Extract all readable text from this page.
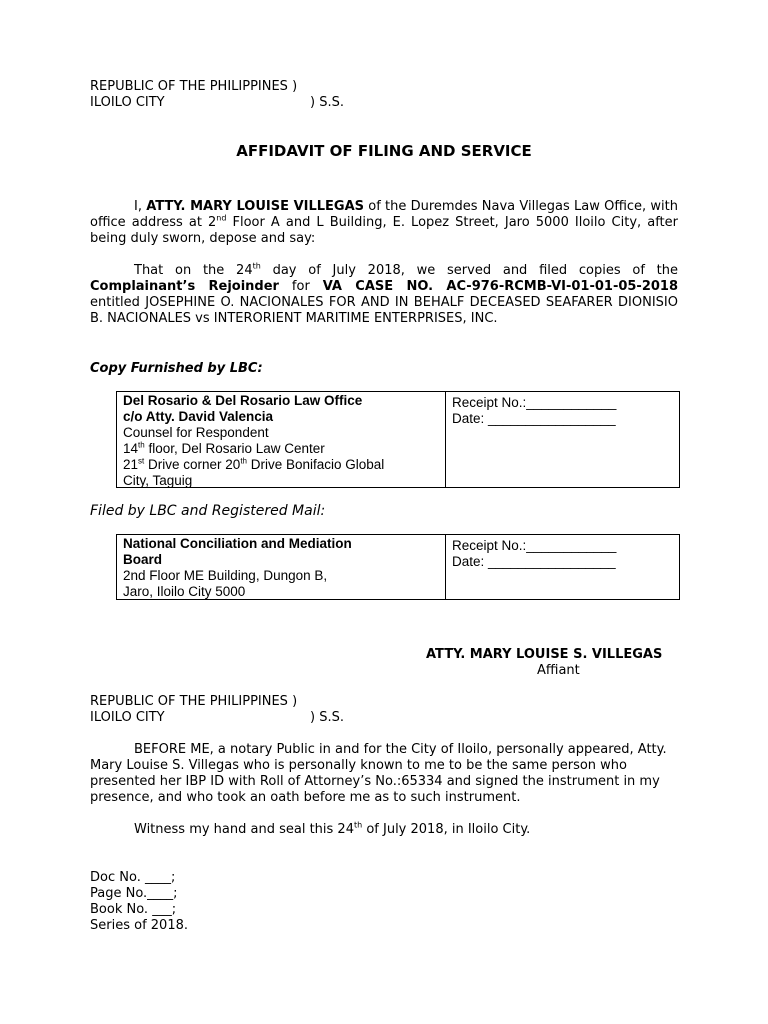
REPUBLIC OF THE PHILIPPINES )
ILOILO CITY	) S.S.
AFFIDAVIT OF FILING AND SERVICE
I, ATTY. MARY LOUISE VILLEGAS of the Duremdes Nava Villegas Law Office, with office address at 2nd Floor A and L Building, E. Lopez Street, Jaro 5000 Iloilo City, after being duly sworn, depose and say:
That on the 24th day of July 2018, we served and filed copies of the Complainant’s Rejoinder for VA CASE NO. AC-976-RCMB-VI-01-01-05-2018 entitled JOSEPHINE O. NACIONALES FOR AND IN BEHALF DECEASED SEAFARER DIONISIO B. NACIONALES vs INTERORIENT MARITIME ENTERPRISES, INC.
Copy Furnished by LBC:
Del Rosario & Del Rosario Law Office
c/o Atty. David Valencia
Counsel for Respondent
14th floor, Del Rosario Law Center
21st Drive corner 20th Drive Bonifacio Global
City, Taguig
Receipt No.:____________
Date: _________________
Filed by LBC and Registered Mail:
National Conciliation and Mediation
Board
2nd Floor ME Building, Dungon B,
Jaro, Iloilo City 5000
Receipt No.:____________
Date: _________________
ATTY. MARY LOUISE S. VILLEGAS
Affiant
REPUBLIC OF THE PHILIPPINES )
ILOILO CITY	) S.S.
BEFORE ME, a notary Public in and for the City of Iloilo, personally appeared, Atty. Mary Louise S. Villegas who is personally known to me to be the same person who presented her IBP ID with Roll of Attorney’s No.:65334 and signed the instrument in my presence, and who took an oath before me as to such instrument.
Witness my hand and seal this 24th of July 2018, in Iloilo City.
Doc No. ____;
Page No.____;
Book No. ___;
Series of 2018.
